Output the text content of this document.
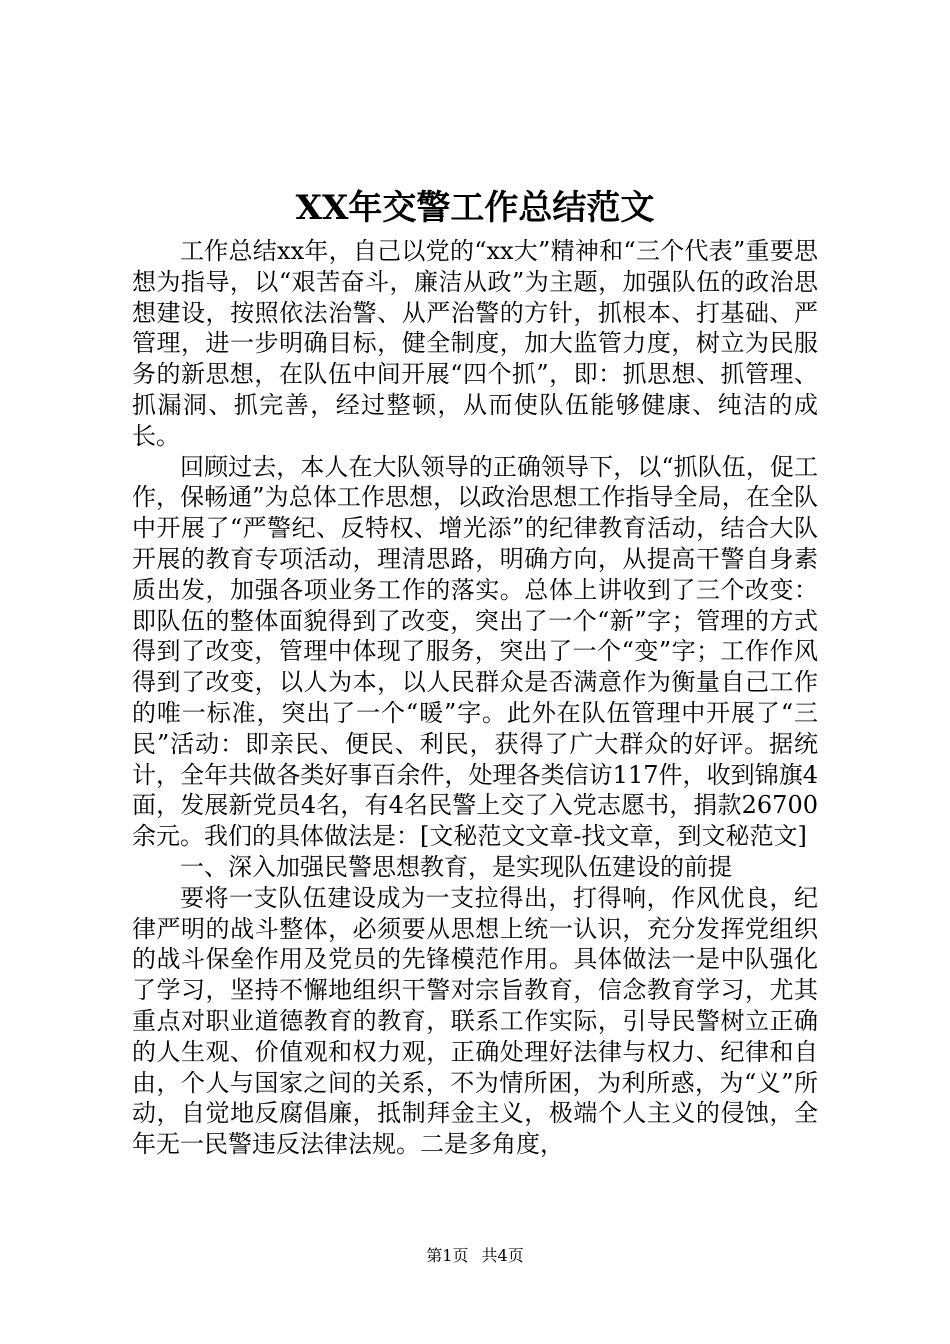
XX年交警工作总结范文

工作总结xx年，自己以党的“xx大”精神和“三个代表”重要思想为指导，以“艰苦奋斗，廉洁从政”为主题，加强队伍的政治思想建设，按照依法治警、从严治警的方针，抓根本、打基础、严管理，进一步明确目标，健全制度，加大监管力度，树立为民服务的新思想，在队伍中间开展“四个抓”，即：抓思想、抓管理、抓漏洞、抓完善，经过整顿，从而使队伍能够健康、纯洁的成长。

回顾过去，本人在大队领导的正确领导下，以“抓队伍，促工作，保畅通”为总体工作思想，以政治思想工作指导全局，在全队中开展了“严警纪、反特权、增光添”的纪律教育活动，结合大队开展的教育专项活动，理清思路，明确方向，从提高干警自身素质出发，加强各项业务工作的落实。总体上讲收到了三个改变：即队伍的整体面貌得到了改变，突出了一个“新”字；管理的方式得到了改变，管理中体现了服务，突出了一个“变”字；工作作风得到了改变，以人为本，以人民群众是否满意作为衡量自己工作的唯一标准，突出了一个“暖”字。此外在队伍管理中开展了“三民”活动：即亲民、便民、利民，获得了广大群众的好评。据统计，全年共做各类好事百余件，处理各类信访117件，收到锦旗4面，发展新党员4名，有4名民警上交了入党志愿书，捐款26700余元。我们的具体做法是：[文秘范文文章-找文章，到文秘范文]

一、深入加强民警思想教育，是实现队伍建设的前提

要将一支队伍建设成为一支拉得出，打得响，作风优良，纪律严明的战斗整体，必须要从思想上统一认识，充分发挥党组织的战斗保垒作用及党员的先锋模范作用。具体做法一是中队强化了学习，坚持不懈地组织干警对宗旨教育，信念教育学习，尤其重点对职业道德教育的教育，联系工作实际，引导民警树立正确的人生观、价值观和权力观，正确处理好法律与权力、纪律和自由，个人与国家之间的关系，不为情所困，为利所惑，为“义”所动，自觉地反腐倡廉，抵制拜金主义，极端个人主义的侵蚀，全年无一民警违反法律法规。二是多角度，

第1页 共4页
